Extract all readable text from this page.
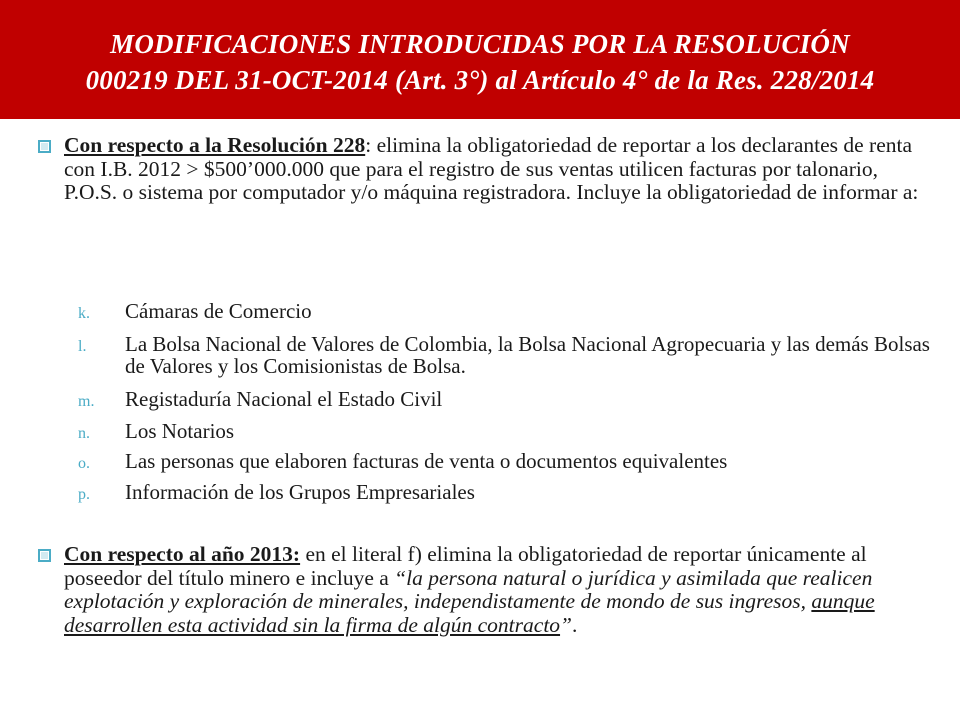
MODIFICACIONES INTRODUCIDAS POR LA RESOLUCIÓN
000219 DEL 31-OCT-2014 (Art. 3°) al Artículo 4° de la Res. 228/2014
Con respecto a la Resolución 228: elimina la obligatoriedad de reportar a los declarantes de renta con I.B. 2012 > $500’000.000 que para el registro de sus ventas utilicen facturas por talonario, P.O.S. o sistema por computador y/o máquina registradora. Incluye la obligatoriedad de informar a:
k. Cámaras de Comercio
l. La Bolsa Nacional de Valores de Colombia, la Bolsa Nacional Agropecuaria y las demás Bolsas de Valores y los Comisionistas de Bolsa.
m. Registaduría Nacional el Estado Civil
n. Los Notarios
o. Las personas que elaboren facturas de venta o documentos equivalentes
p. Información de los Grupos Empresariales
Con respecto al año 2013: en el literal f) elimina la obligatoriedad de reportar únicamente al poseedor del título minero e incluye a “la persona natural o jurídica y asimilada que realicen explotación y exploración de minerales, independistamente de mondo de sus ingresos, aunque desarrollen esta actividad sin la firma de algún contracto”.
